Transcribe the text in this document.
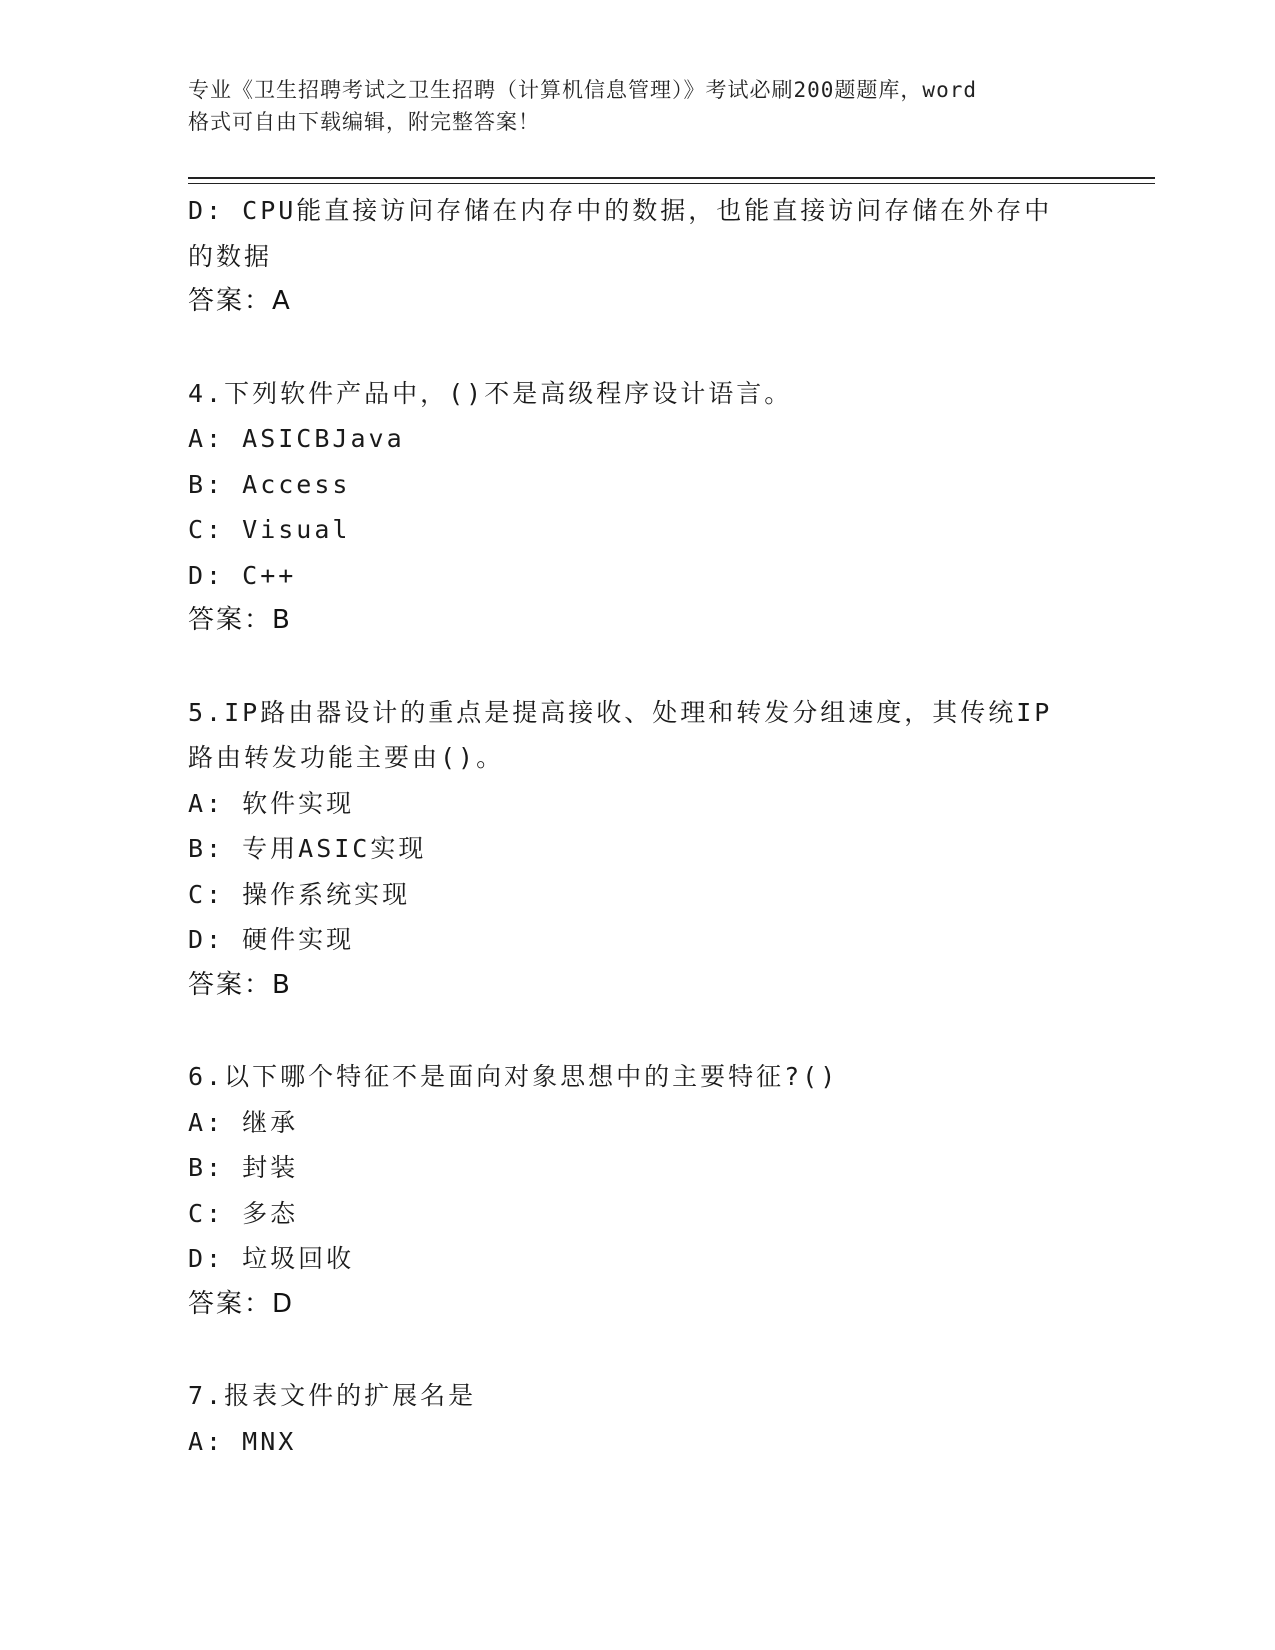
专业《卫生招聘考试之卫生招聘（计算机信息管理）》考试必刷200题题库，word
格式可自由下载编辑，附完整答案！
D: CPU能直接访问存储在内存中的数据，也能直接访问存储在外存中
的数据
答案：A
4.下列软件产品中，()不是高级程序设计语言。
A: ASICBJava
B: Access
C: Visual
D: C++
答案：B
5.IP路由器设计的重点是提高接收、处理和转发分组速度，其传统IP
路由转发功能主要由()。
A: 软件实现
B: 专用ASIC实现
C: 操作系统实现
D: 硬件实现
答案：B
6.以下哪个特征不是面向对象思想中的主要特征?()
A: 继承
B: 封装
C: 多态
D: 垃圾回收
答案：D
7.报表文件的扩展名是
A: MNX
